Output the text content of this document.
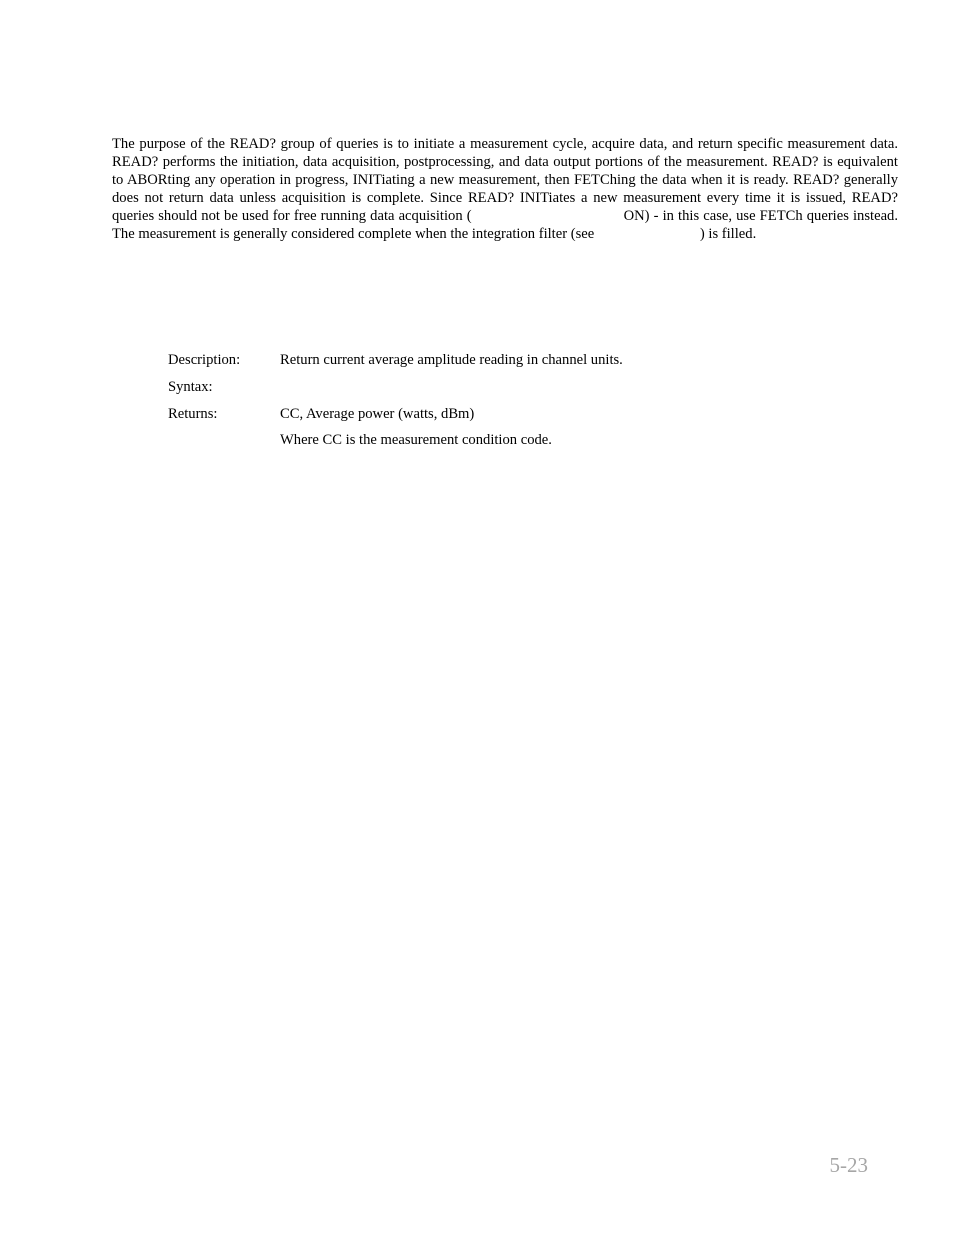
The purpose of the READ? group of queries is to initiate a measurement cycle, acquire data, and return specific measurement data. READ? performs the initiation, data acquisition, postprocessing, and data output portions of the measurement. READ? is equivalent to ABORting any operation in progress, INITiating a new measurement, then FETChing the data when it is ready. READ? generally does not return data unless acquisition is complete. Since READ? INITiates a new measurement every time it is issued, READ? queries should not be used for free running data acquisition (	ON) - in this case, use FETCh queries instead. The measurement is generally considered complete when the integration filter (see	) is filled.

Description:	Return current average amplitude reading in channel units.
Syntax:
Returns:	CC, Average power (watts, dBm)
Where CC is the measurement condition code.
5-23
